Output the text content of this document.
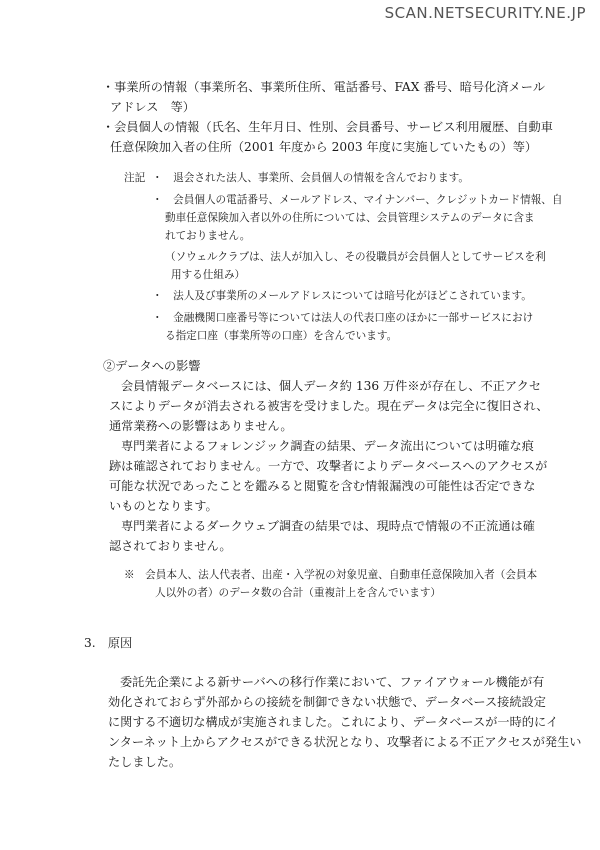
SCAN.NETSECURITY.NE.JP
・事業所の情報（事業所名、事業所住所、電話番号、FAX 番号、暗号化済メール
アドレス　等）
・会員個人の情報（氏名、生年月日、性別、会員番号、サービス利用履歴、自動車
任意保険加入者の住所（2001 年度から 2003 年度に実施していたもの）等）
注記 ・　退会された法人、事業所、会員個人の情報を含んでおります。
・　会員個人の電話番号、メールアドレス、マイナンバー、クレジットカード情報、自
動車任意保険加入者以外の住所については、会員管理システムのデータに含ま
れておりません。
（ソウェルクラブは、法人が加入し、その役職員が会員個人としてサービスを利
用する仕組み）
・　法人及び事業所のメールアドレスについては暗号化がほどこされています。
・　金融機関口座番号等については法人の代表口座のほかに一部サービスにおけ
る指定口座（事業所等の口座）を含んでいます。
②データへの影響
会員情報データベースには、個人データ約 136 万件※が存在し、不正アクセ
スによりデータが消去される被害を受けました。現在データは完全に復旧され、
通常業務への影響はありません。
専門業者によるフォレンジック調査の結果、データ流出については明確な痕
跡は確認されておりません。一方で、攻撃者によりデータベースへのアクセスが
可能な状況であったことを鑑みると閲覧を含む情報漏洩の可能性は否定できな
いものとなります。
専門業者によるダークウェブ調査の結果では、現時点で情報の不正流通は確
認されておりません。
※　会員本人、法人代表者、出産・入学祝の対象児童、自動車任意保険加入者（会員本
人以外の者）のデータ数の合計（重複計上を含んでいます）
3.　原因
委託先企業による新サーバへの移行作業において、ファイアウォール機能が有
効化されておらず外部からの接続を制御できない状態で、データベース接続設定
に関する不適切な構成が実施されました。これにより、データベースが一時的にイ
ンターネット上からアクセスができる状況となり、攻撃者による不正アクセスが発生い
たしました。
